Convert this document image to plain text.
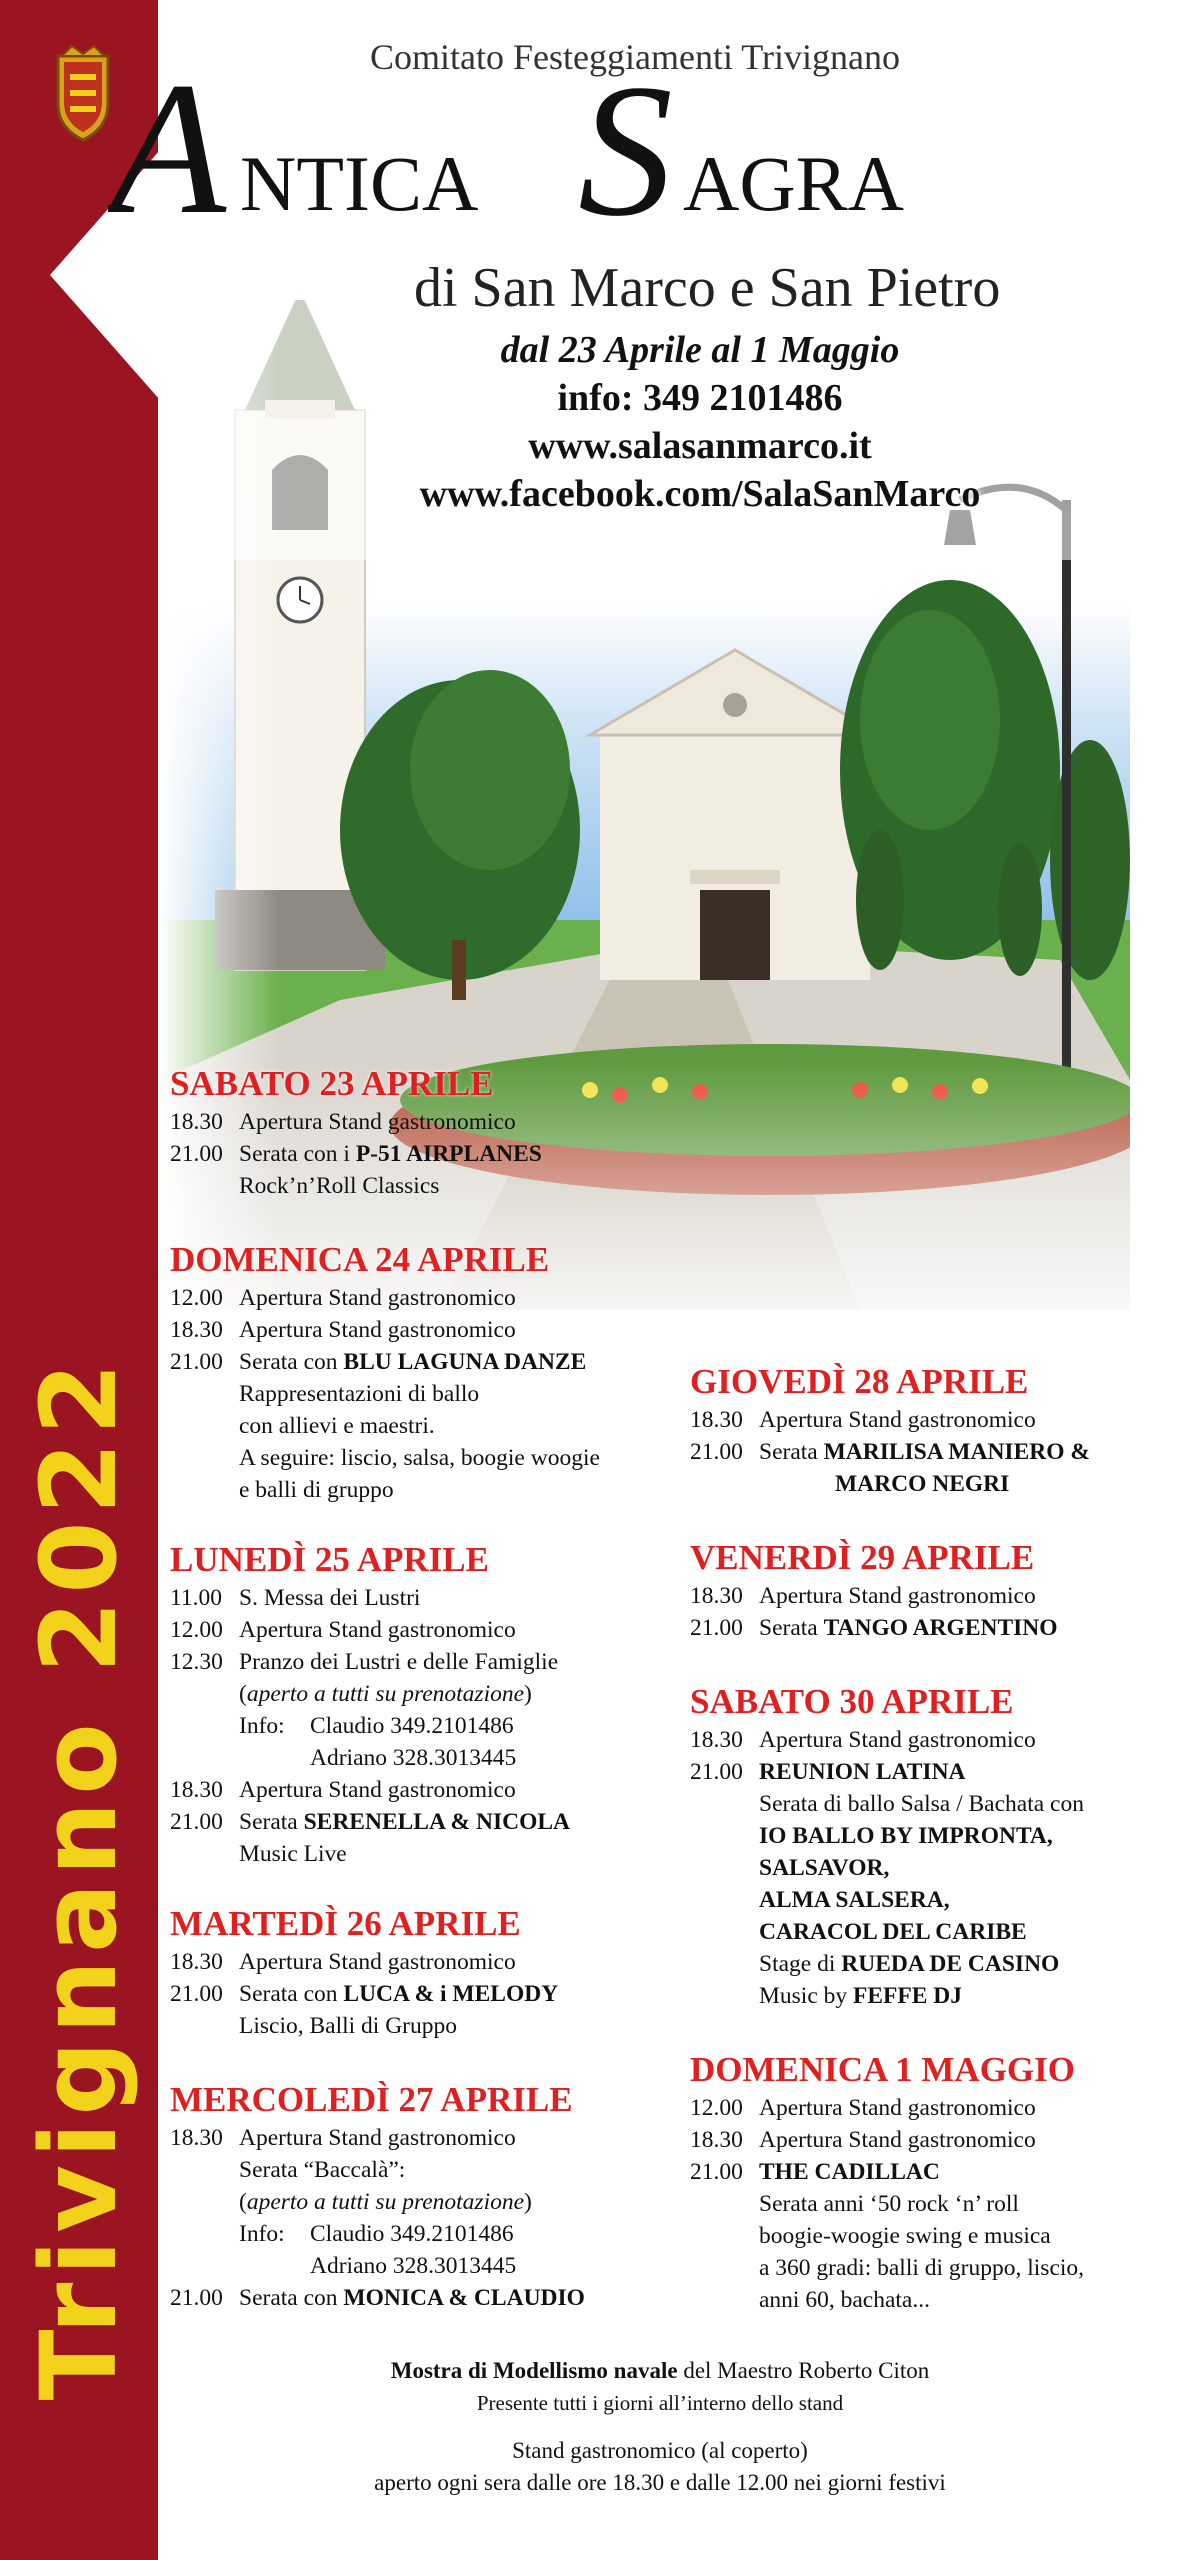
Trivignano 2022
Comitato Festeggiamenti Trivignano
A NTICA S AGRA
di San Marco e San Pietro
dal 23 Aprile al 1 Maggio
info: 349 2101486
www.salasanmarco.it
www.facebook.com/SalaSanMarco
SABATO 23 APRILE
18.30 Apertura Stand gastronomico
21.00 Serata con i P-51 AIRPLANES
Rock’n’Roll Classics
DOMENICA 24 APRILE
12.00 Apertura Stand gastronomico
18.30 Apertura Stand gastronomico
21.00 Serata con BLU LAGUNA DANZE
Rappresentazioni di ballo
con allievi e maestri.
A seguire: liscio, salsa, boogie woogie
e balli di gruppo
LUNEDÌ 25 APRILE
11.00 S. Messa dei Lustri
12.00 Apertura Stand gastronomico
12.30 Pranzo dei Lustri e delle Famiglie
(aperto a tutti su prenotazione)
Info:	Claudio 349.2101486
Adriano 328.3013445
18.30 Apertura Stand gastronomico
21.00 Serata SERENELLA & NICOLA
Music Live
MARTEDÌ 26 APRILE
18.30 Apertura Stand gastronomico
21.00 Serata con LUCA & i MELODY
Liscio, Balli di Gruppo
MERCOLEDÌ 27 APRILE
18.30 Apertura Stand gastronomico
Serata “Baccalà”:
(aperto a tutti su prenotazione)
Info:	Claudio 349.2101486
Adriano 328.3013445
21.00 Serata con MONICA & CLAUDIO
GIOVEDÌ 28 APRILE
18.30 Apertura Stand gastronomico
21.00 Serata MARILISA MANIERO &
MARCO NEGRI
VENERDÌ 29 APRILE
18.30 Apertura Stand gastronomico
21.00 Serata TANGO ARGENTINO
SABATO 30 APRILE
18.30 Apertura Stand gastronomico
21.00 REUNION LATINA
Serata di ballo Salsa / Bachata con
IO BALLO BY IMPRONTA,
SALSAVOR,
ALMA SALSERA,
CARACOL DEL CARIBE
Stage di RUEDA DE CASINO
Music by FEFFE DJ
DOMENICA 1 MAGGIO
12.00 Apertura Stand gastronomico
18.30 Apertura Stand gastronomico
21.00 THE CADILLAC
Serata anni ‘50 rock ‘n’ roll
boogie-woogie swing e musica
a 360 gradi: balli di gruppo, liscio,
anni 60, bachata...
Mostra di Modellismo navale del Maestro Roberto Citon
Presente tutti i giorni all’interno dello stand
Stand gastronomico (al coperto)
aperto ogni sera dalle ore 18.30 e dalle 12.00 nei giorni festivi
